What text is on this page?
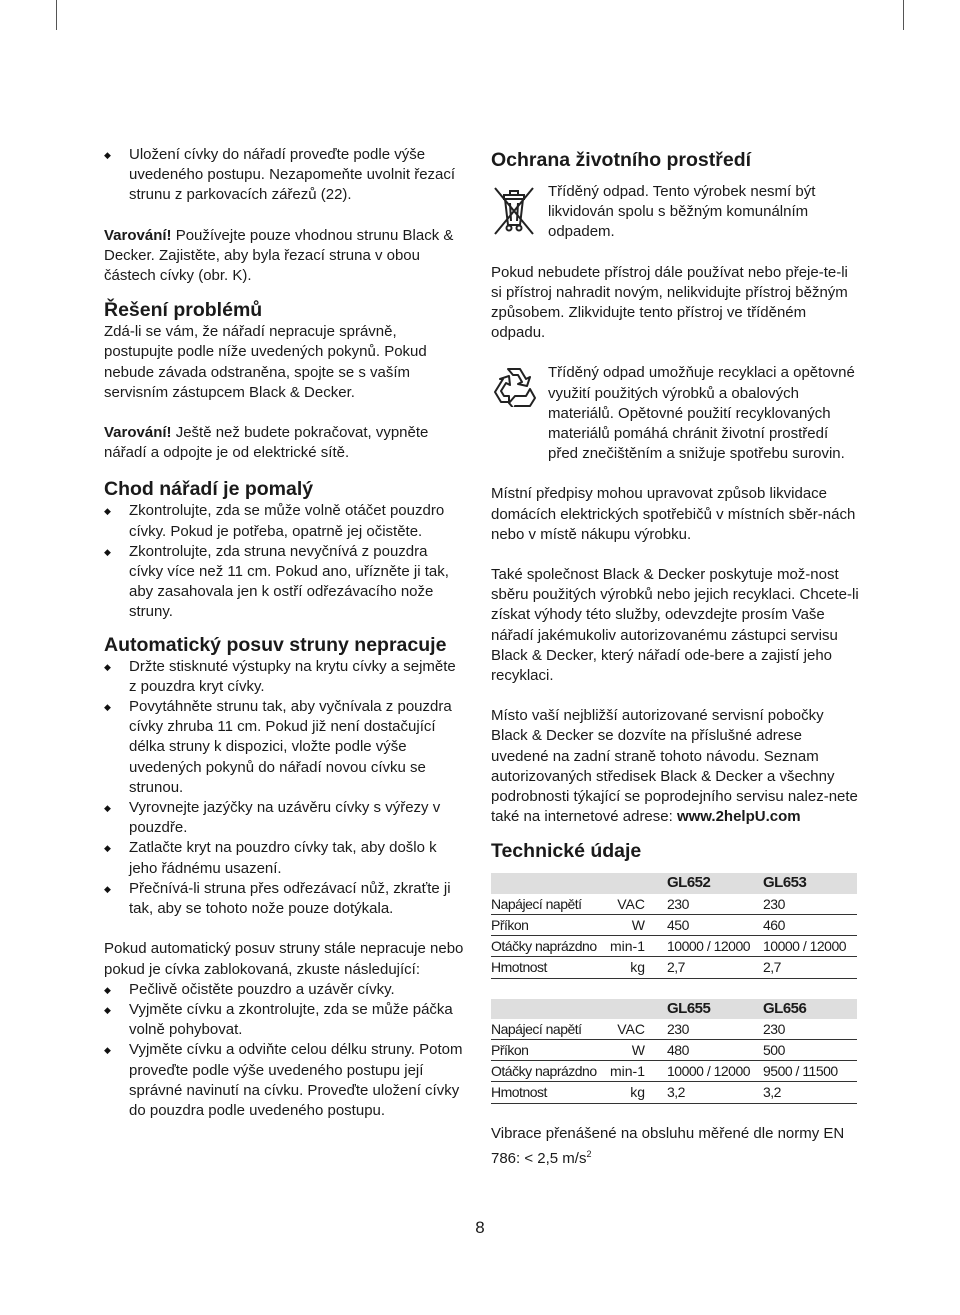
◆ Uložení cívky do nářadí proveďte podle výše uvedeného postupu. Nezapomeňte uvolnit řezací strunu z parkovacích zářezů (22).

Varování! Používejte pouze vhodnou strunu Black & Decker. Zajistěte, aby byla řezací struna v obou částech cívky (obr. K).

Řešení problémů

Zdá-li se vám, že nářadí nepracuje správně, postupujte podle níže uvedených pokynů. Pokud nebude závada odstraněna, spojte se s vaším servisním zástupcem Black & Decker.

Varování! Ještě než budete pokračovat, vypněte nářadí a odpojte je od elektrické sítě.

Chod nářadí je pomalý
◆ Zkontrolujte, zda se může volně otáčet pouzdro cívky. Pokud je potřeba, opatrně jej očistěte.
◆ Zkontrolujte, zda struna nevyčnívá z pouzdra cívky více než 11 cm. Pokud ano, uřízněte ji tak, aby zasahovala jen k ostří odřezávacího nože struny.
Automatický posuv struny nepracuje
◆ Držte stisknuté výstupky na krytu cívky a sejměte z pouzdra kryt cívky.
◆ Povytáhněte strunu tak, aby vyčnívala z pouzdra cívky zhruba 11 cm. Pokud již není dostačující délka struny k dispozici, vložte podle výše uvedených pokynů do nářadí novou cívku se strunou.
◆ Vyrovnejte jazýčky na uzávěru cívky s výřezy v pouzdře.
◆ Zatlačte kryt na pouzdro cívky tak, aby došlo k jeho řádnému usazení.
◆ Přečnívá-li struna přes odřezávací nůž, zkraťte ji tak, aby se tohoto nože pouze dotýkala.

Pokud automatický posuv struny stále nepracuje nebo pokud je cívka zablokovaná, zkuste následující:

◆ Pečlivě očistěte pouzdro a uzávěr cívky.
◆ Vyjměte cívku a zkontrolujte, zda se může páčka volně pohybovat.
◆ Vyjměte cívku a odviňte celou délku struny. Potom proveďte podle výše uvedeného postupu její správné navinutí na cívku. Proveďte uložení cívky do pouzdra podle uvedeného postupu.
Ochrana životního prostředí

Tříděný odpad. Tento výrobek nesmí být likvidován spolu s běžným komunálním odpadem.

Pokud nebudete přístroj dále používat nebo přeje-te-li si přístroj nahradit novým, nelikvidujte přístroj běžným způsobem. Zlikvidujte tento přístroj ve tříděném odpadu.

Tříděný odpad umožňuje recyklaci a opětovné využití použitých výrobků a obalových materiálů. Opětovné použití recyklovaných materiálů pomáhá chránit životní prostředí před znečištěním a snižuje spotřebu surovin.

Místní předpisy mohou upravovat způsob likvidace domácích elektrických spotřebičů v místních sběr-nách nebo v místě nákupu výrobku.

Také společnost Black & Decker poskytuje mož-nost sběru použitých výrobků nebo jejich recyklaci. Chcete-li získat výhody této služby, odevzdejte prosím Vaše nářadí jakémukoliv autorizovanému zástupci servisu Black & Decker, který nářadí ode-bere a zajistí jeho recyklaci.

Místo vaší nejbližší autorizované servisní pobočky Black & Decker se dozvíte na příslušné adrese uvedené na zadní straně tohoto návodu. Seznam autorizovaných středisek Black & Decker a všechny podrobnosti týkající se poprodejního servisu nalez-nete také na internetové adrese: www.2helpU.com

Technické údaje
		GL652	GL653
Napájecí napětí	VAC	230	230
Příkon	W	450	460
Otáčky naprázdno	min-1	10000 / 12000	10000 / 12000
Hmotnost	kg	2,7	2,7
		GL655	GL656
Napájecí napětí	VAC	230	230
Příkon	W	480	500
Otáčky naprázdno	min-1	10000 / 12000	9500 / 11500
Hmotnost	kg	3,2	3,2

Vibrace přenášené na obsluhu měřené dle normy EN 786: < 2,5 $m/s^2$

8
